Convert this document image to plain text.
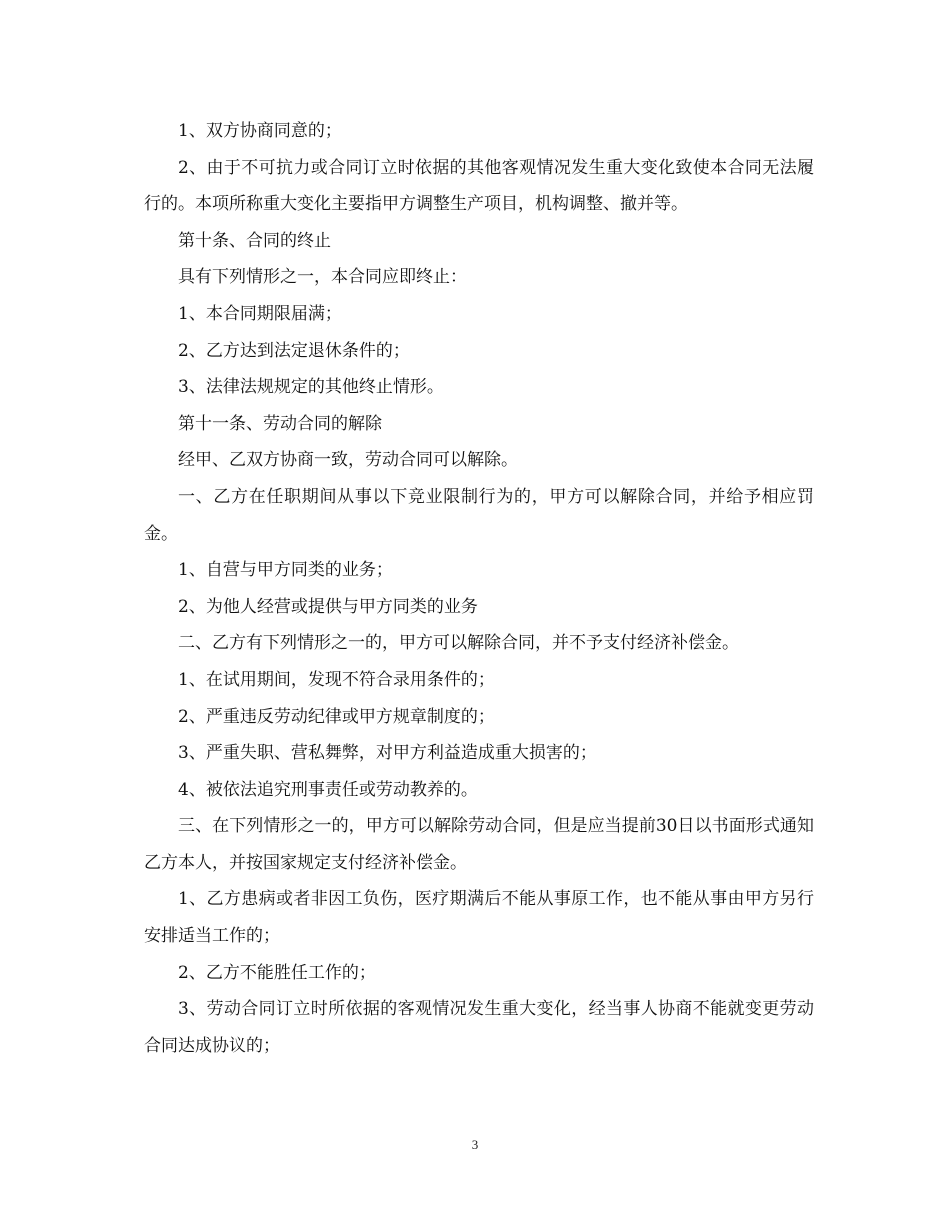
1、双方协商同意的；

2、由于不可抗力或合同订立时依据的其他客观情况发生重大变化致使本合同无法履行的。本项所称重大变化主要指甲方调整生产项目，机构调整、撤并等。

第十条、合同的终止

具有下列情形之一，本合同应即终止：

1、本合同期限届满；

2、乙方达到法定退休条件的；

3、法律法规规定的其他终止情形。

第十一条、劳动合同的解除

经甲、乙双方协商一致，劳动合同可以解除。

一、乙方在任职期间从事以下竞业限制行为的，甲方可以解除合同，并给予相应罚金。

1、自营与甲方同类的业务；

2、为他人经营或提供与甲方同类的业务

二、乙方有下列情形之一的，甲方可以解除合同，并不予支付经济补偿金。

1、在试用期间，发现不符合录用条件的；

2、严重违反劳动纪律或甲方规章制度的；

3、严重失职、营私舞弊，对甲方利益造成重大损害的；

4、被依法追究刑事责任或劳动教养的。

三、在下列情形之一的，甲方可以解除劳动合同，但是应当提前30日以书面形式通知乙方本人，并按国家规定支付经济补偿金。

1、乙方患病或者非因工负伤，医疗期满后不能从事原工作，也不能从事由甲方另行安排适当工作的；

2、乙方不能胜任工作的；

3、劳动合同订立时所依据的客观情况发生重大变化，经当事人协商不能就变更劳动合同达成协议的；

3
